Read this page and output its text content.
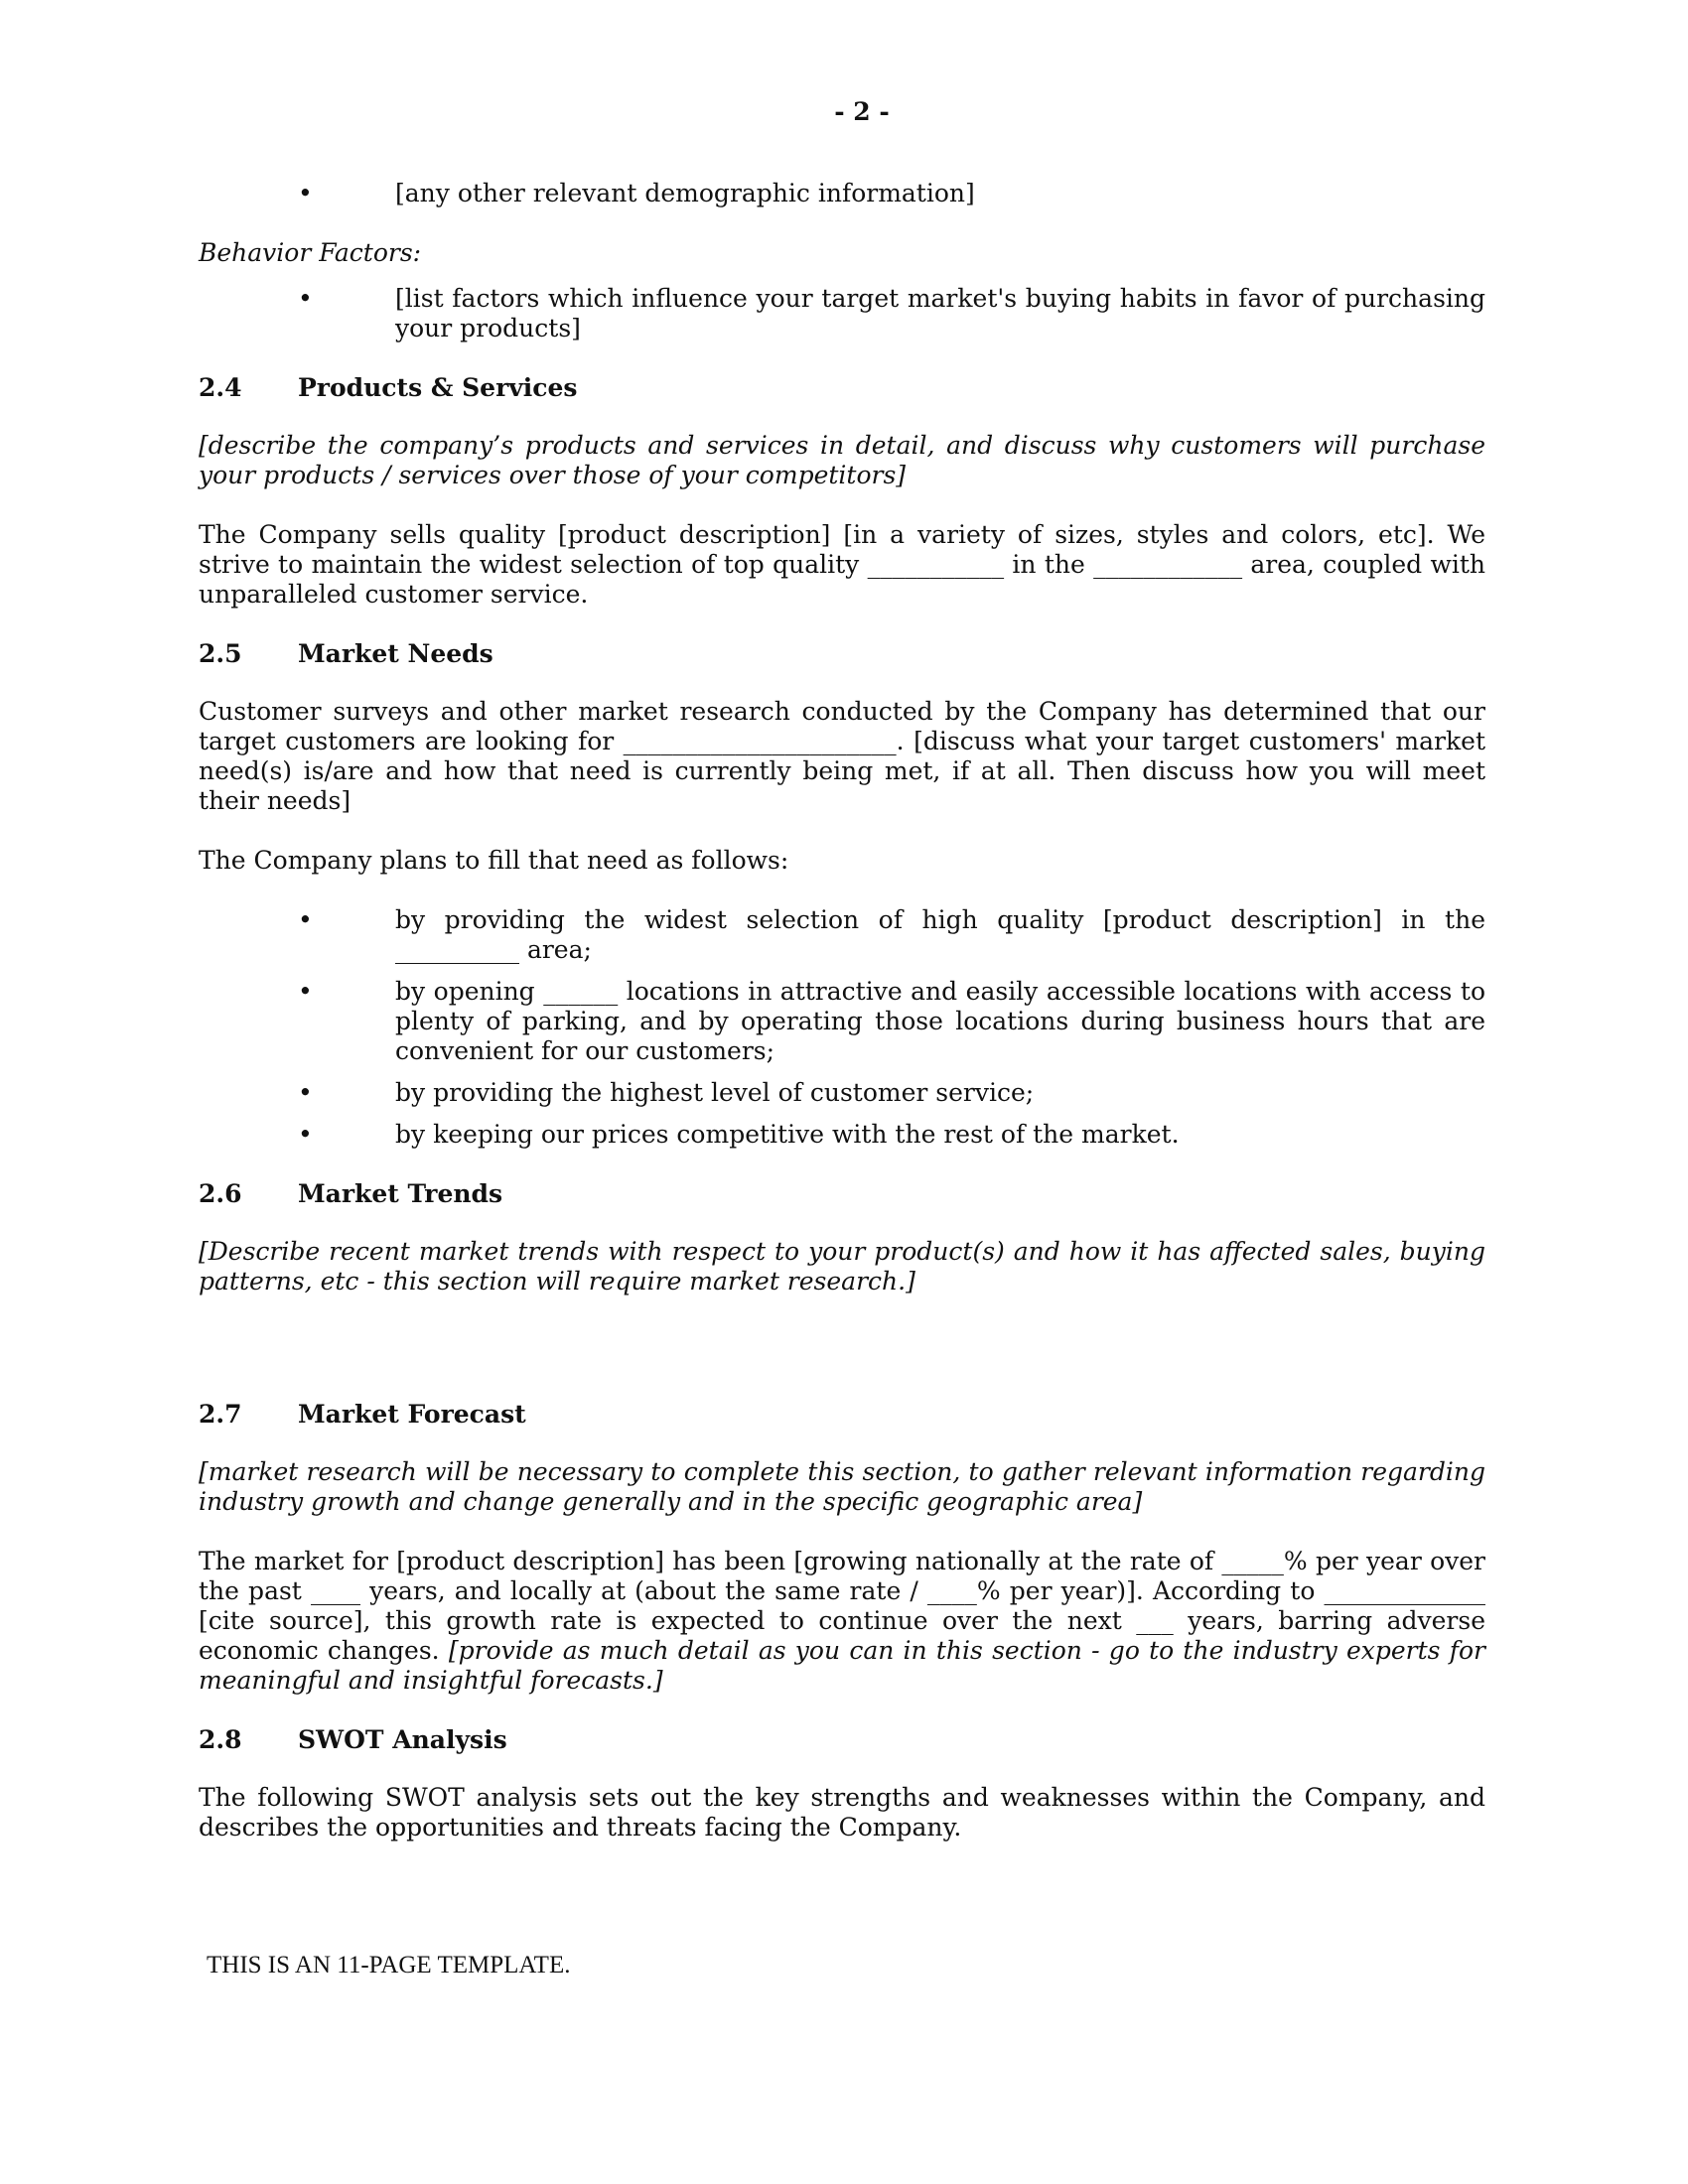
- 2 -
•	[any other relevant demographic information]
Behavior Factors:
•	[list factors which influence your target market's buying habits in favor of purchasing your products]
2.4 Products & Services

[describe the company’s products and services in detail, and discuss why customers will purchase your products / services over those of your competitors]

The Company sells quality [product description] [in a variety of sizes, styles and colors, etc]. We strive to maintain the widest selection of top quality ___________ in the ____________ area, coupled with unparalleled customer service.

2.5 Market Needs

Customer surveys and other market research conducted by the Company has determined that our target customers are looking for ______________________. [discuss what your target customers' market need(s) is/are and how that need is currently being met, if at all. Then discuss how you will meet their needs]

The Company plans to fill that need as follows:

•	by providing the widest selection of high quality [product description] in the __________ area;
•	by opening ______ locations in attractive and easily accessible locations with access to plenty of parking, and by operating those locations during business hours that are convenient for our customers;
•	by providing the highest level of customer service;
•	by keeping our prices competitive with the rest of the market.
2.6 Market Trends

[Describe recent market trends with respect to your product(s) and how it has affected sales, buying patterns, etc - this section will require market research.]

2.7 Market Forecast

[market research will be necessary to complete this section, to gather relevant information regarding industry growth and change generally and in the specific geographic area]

The market for [product description] has been [growing nationally at the rate of _____% per year over the past ____ years, and locally at (about the same rate / ____% per year)]. According to _____________ [cite source], this growth rate is expected to continue over the next ___ years, barring adverse economic changes. [provide as much detail as you can in this section - go to the industry experts for meaningful and insightful forecasts.]

2.8 SWOT Analysis

The following SWOT analysis sets out the key strengths and weaknesses within the Company, and describes the opportunities and threats facing the Company.

THIS IS AN 11-PAGE TEMPLATE.
